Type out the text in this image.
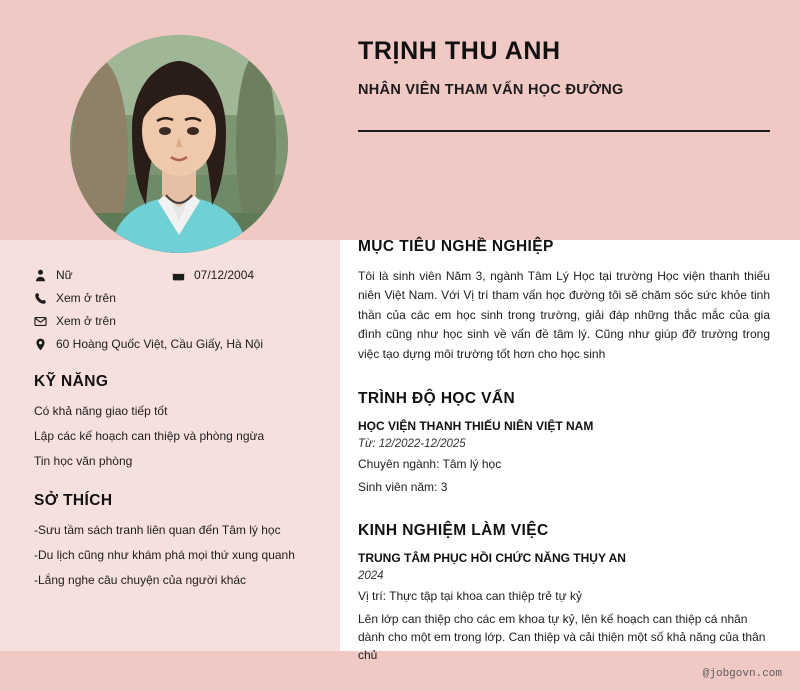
TRỊNH THU ANH
NHÂN VIÊN THAM VẤN HỌC ĐƯỜNG
Nữ	07/12/2004
Xem ở trên
Xem ở trên
60 Hoàng Quốc Việt, Cầu Giấy, Hà Nội
KỸ NĂNG
Có khả năng giao tiếp tốt
Lập các kế hoạch can thiệp và phòng ngừa
Tin học văn phòng
SỞ THÍCH
-Sưu tầm sách tranh liên quan đến Tâm lý học
-Du lịch cũng như khám phá mọi thứ xung quanh
-Lắng nghe câu chuyện của người khác
MỤC TIÊU NGHỀ NGHIỆP

Tôi là sinh viên Năm 3, ngành Tâm Lý Học tại trường Học viện thanh thiếu niên Việt Nam. Với Vị trí tham vấn học đường tôi sẽ chăm sóc sức khỏe tinh thần của các em học sinh trong trường, giải đáp những thắc mắc của gia đình cũng như học sinh về vấn đề tâm lý. Cũng như giúp đỡ trường trong việc tạo dựng môi trường tốt hơn cho học sinh

TRÌNH ĐỘ HỌC VẤN
HỌC VIỆN THANH THIẾU NIÊN VIỆT NAM
Từ: 12/2022-12/2025
Chuyên ngành: Tâm lý học
Sinh viên năm: 3
KINH NGHIỆM LÀM VIỆC
TRUNG TÂM PHỤC HỒI CHỨC NĂNG THỤY AN
2024
Vị trí: Thực tập tại khoa can thiệp trẻ tự kỷ
Lên lớp can thiệp cho các em khoa tự kỷ, lên kế hoạch can thiệp cá nhân dành cho một em trong lớp. Can thiệp và cải thiện một số khả năng của thân chủ
@jobgovn.com
